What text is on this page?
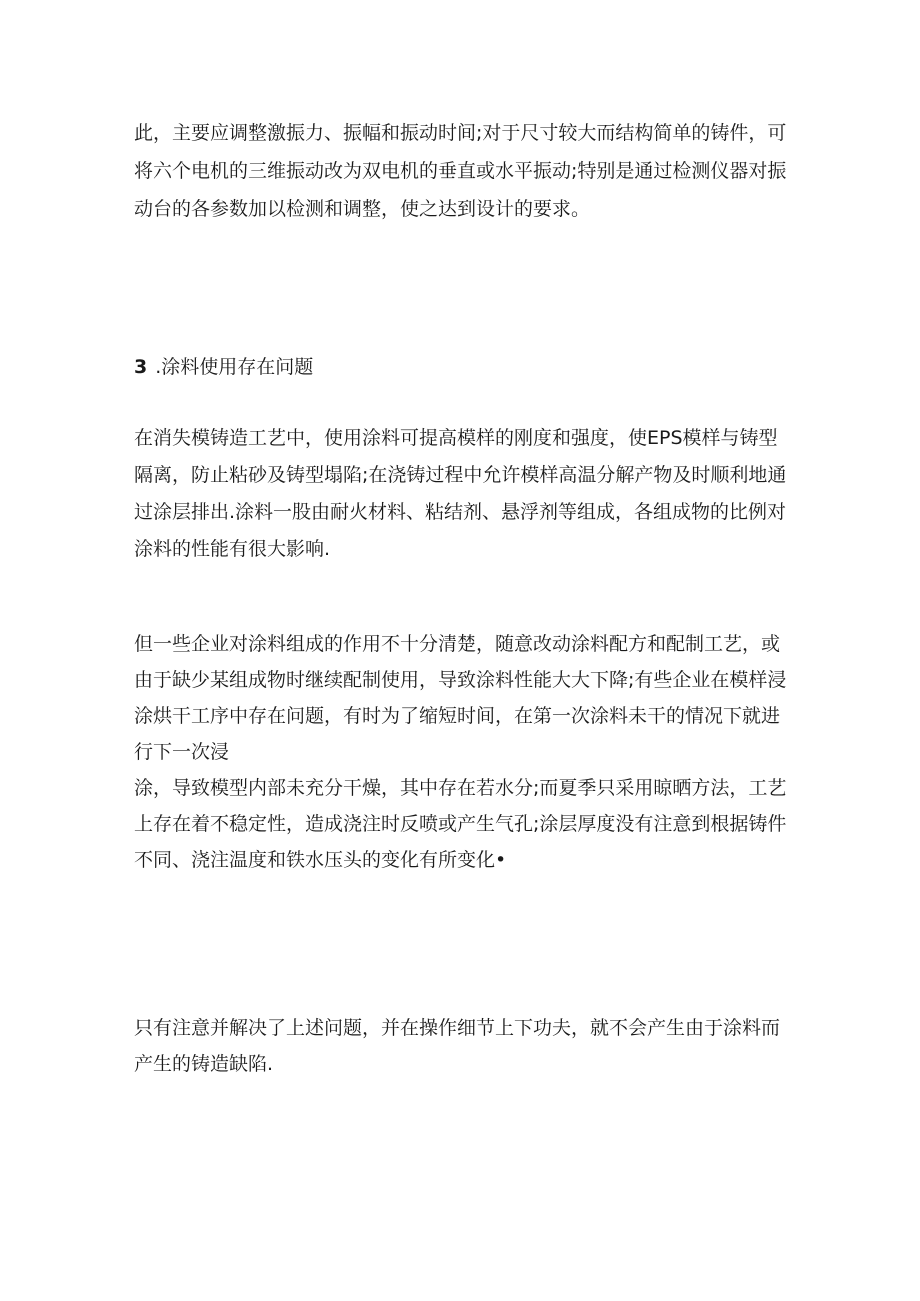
此，主要应调整激振力、振幅和振动时间;对于尺寸较大而结构简单的铸件，可
将六个电机的三维振动改为双电机的垂直或水平振动;特别是通过检测仪器对振
动台的各参数加以检测和调整，使之达到设计的要求。

3 .涂料使用存在问题

在消失模铸造工艺中，使用涂料可提高模样的刚度和强度，使EPS模样与铸型
隔离，防止粘砂及铸型塌陷;在浇铸过程中允许模样高温分解产物及时顺利地通
过涂层排出.涂料一股由耐火材料、粘结剂、悬浮剂等组成，各组成物的比例对
涂料的性能有很大影响.

但一些企业对涂料组成的作用不十分清楚，随意改动涂料配方和配制工艺，或
由于缺少某组成物时继续配制使用，导致涂料性能大大下降;有些企业在模样浸
涂烘干工序中存在问题，有时为了缩短时间，在第一次涂料未干的情况下就进
行下一次浸
涂，导致模型内部未充分干燥，其中存在若水分;而夏季只采用晾晒方法，工艺
上存在着不稳定性，造成浇注时反喷或产生气孔;涂层厚度没有注意到根据铸件
不同、浇注温度和铁水压头的变化有所变化•

只有注意并解决了上述问题，并在操作细节上下功夫，就不会产生由于涂料而
产生的铸造缺陷.
